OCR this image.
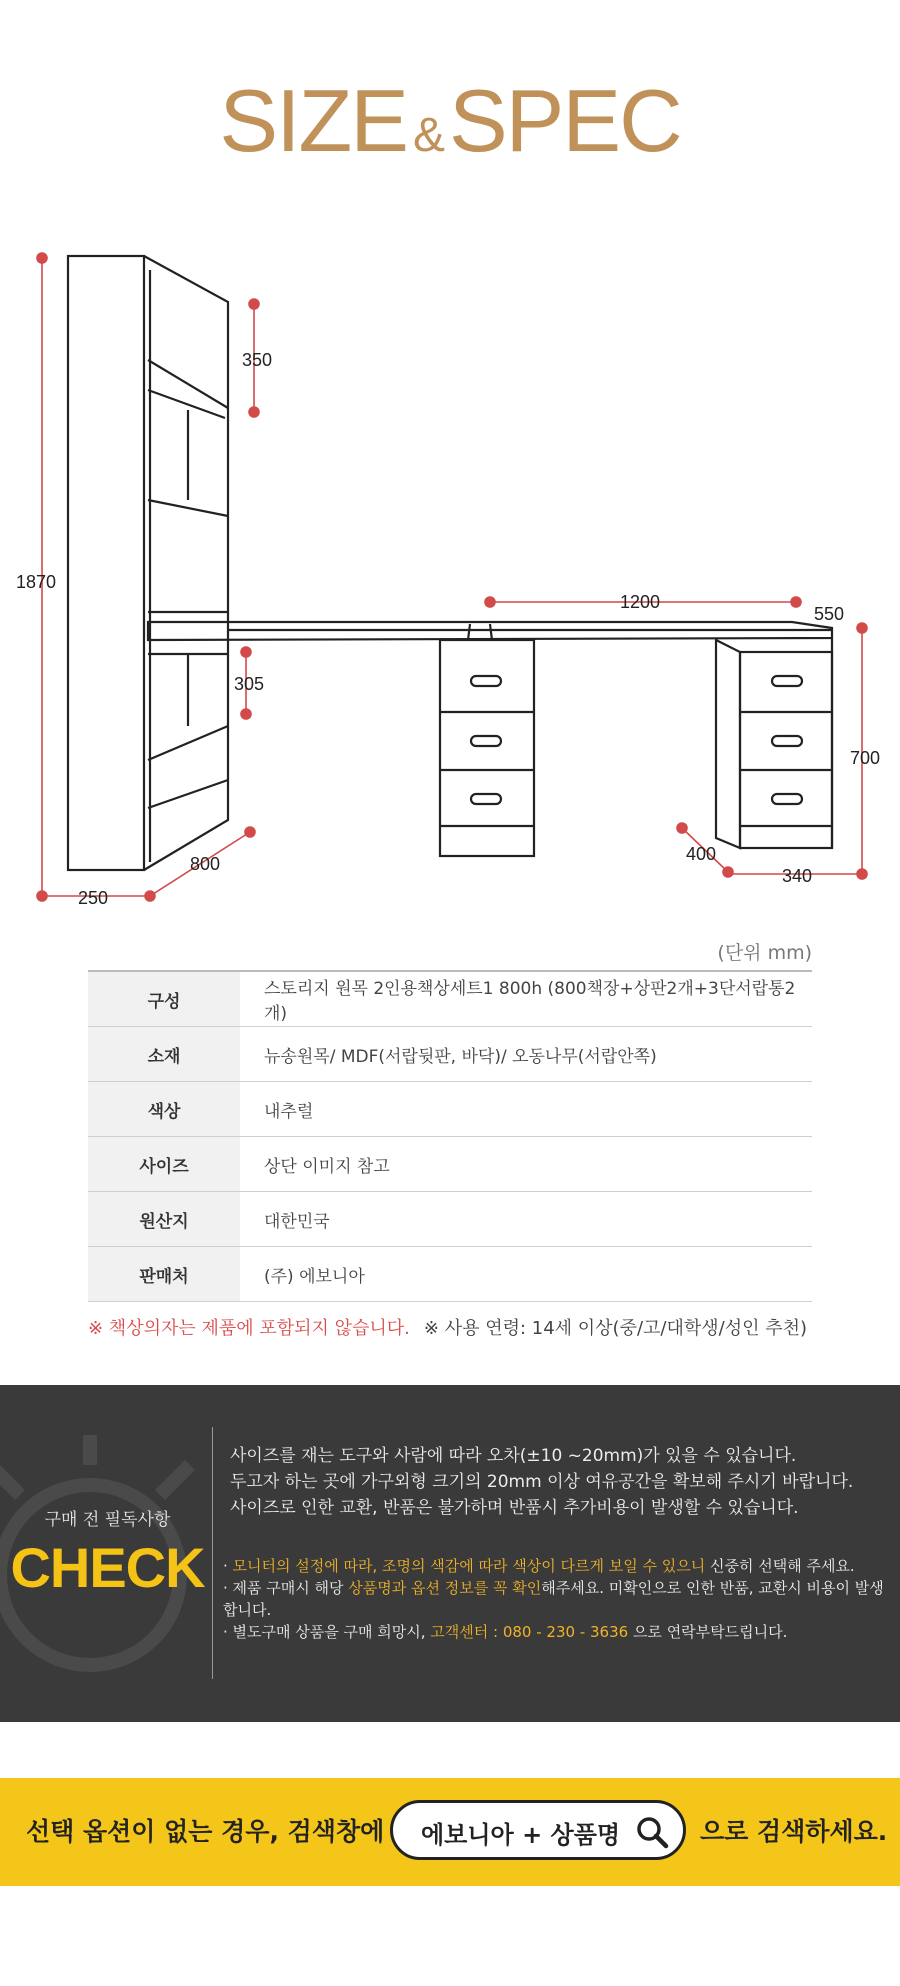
SIZE &SPEC
1870
350
305
1200
550
700
800
250
400
340
(단위 mm)
구성	스토리지 원목 2인용책상세트1 800h (800책장+상판2개+3단서랍통2개)
소재	뉴송원목/ MDF(서랍뒷판, 바닥)/ 오동나무(서랍안쪽)
색상	내추럴
사이즈	상단 이미지 참고
원산지	대한민국
판매처	(주) 에보니아
※ 책상의자는 제품에 포함되지 않습니다. ※ 사용 연령: 14세 이상(중/고/대학생/성인 추천)
구매 전 필독사항
CHECK
사이즈를 재는 도구와 사람에 따라 오차(±10 ~20mm)가 있을 수 있습니다.
두고자 하는 곳에 가구외형 크기의 20mm 이상 여유공간을 확보해 주시기 바랍니다.
사이즈로 인한 교환, 반품은 불가하며 반품시 추가비용이 발생할 수 있습니다.
· 모니터의 설정에 따라, 조명의 색감에 따라 색상이 다르게 보일 수 있으니 신중히 선택해 주세요.
· 제품 구매시 해당 상품명과 옵션 정보를 꼭 확인해주세요. 미확인으로 인한 반품, 교환시 비용이 발생합니다.
· 별도구매 상품을 구매 희망시, 고객센터 : 080 - 230 - 3636 으로 연락부탁드립니다.
선택 옵션이 없는 경우, 검색창에 에보니아 + 상품명	으로 검색하세요.
